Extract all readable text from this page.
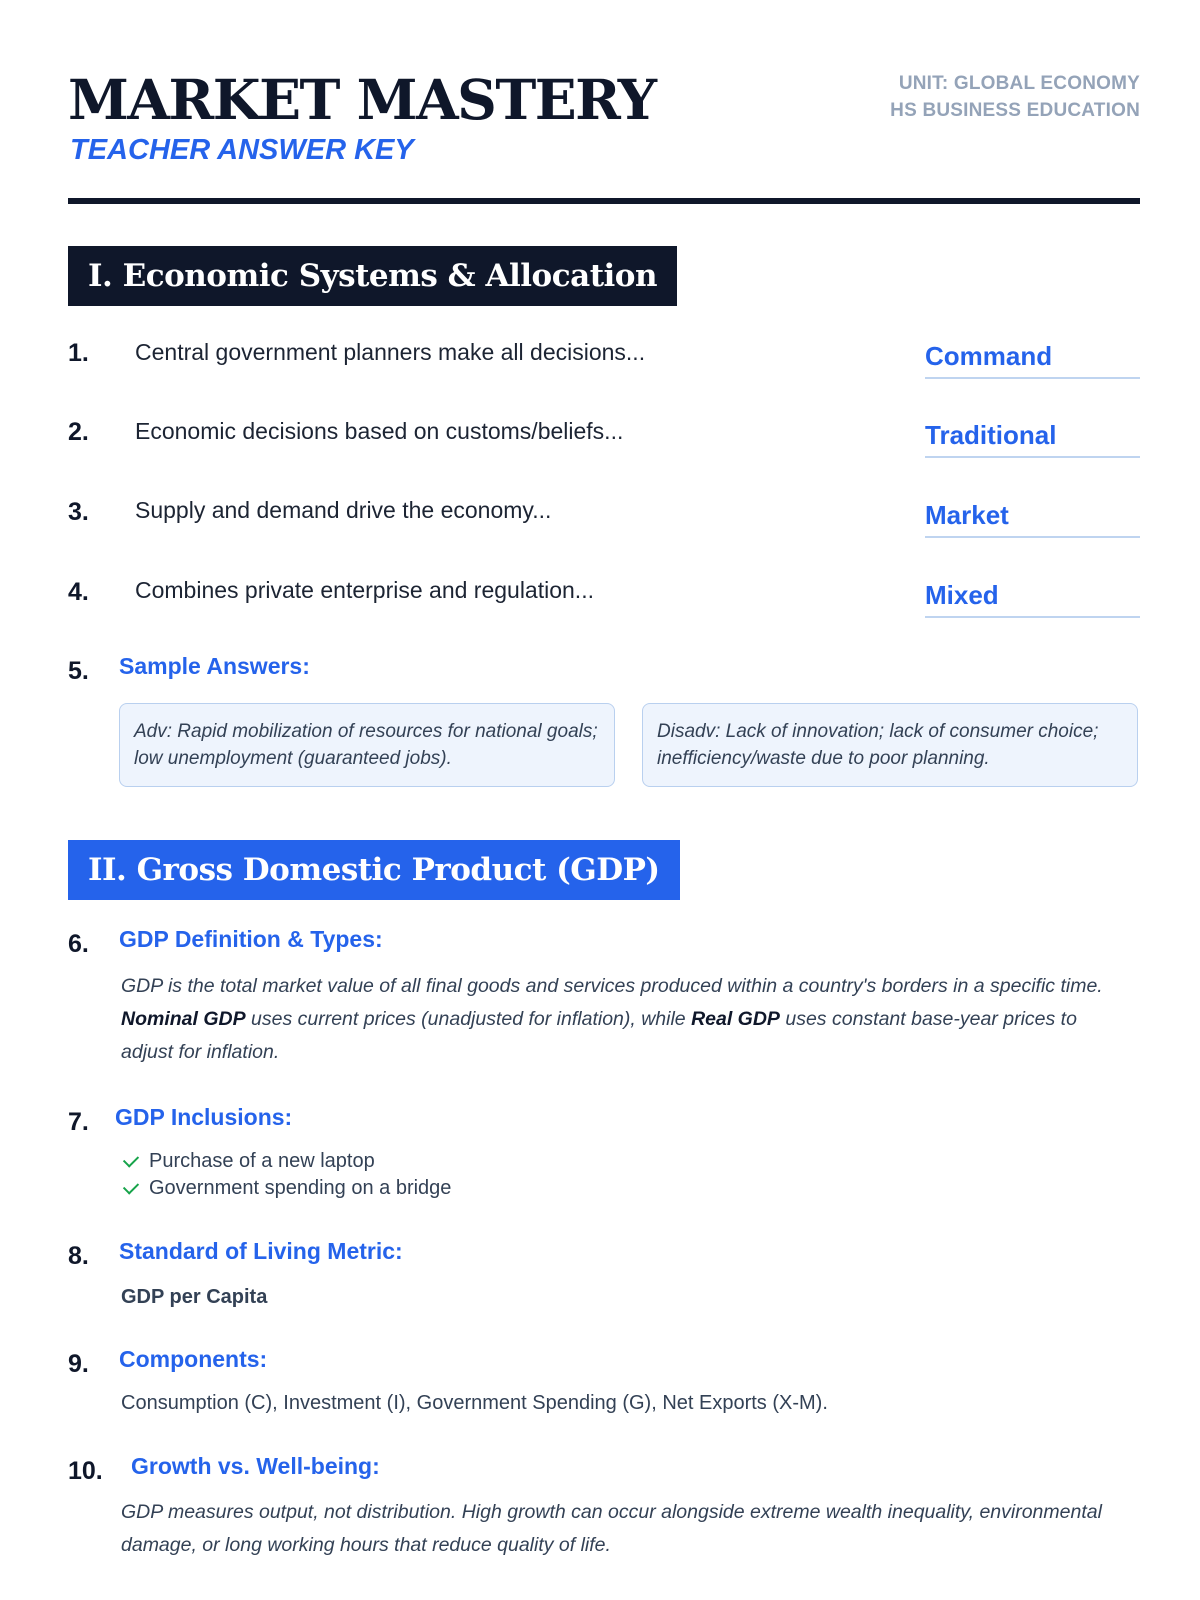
MARKET MASTERY
TEACHER ANSWER KEY
UNIT: GLOBAL ECONOMY
HS BUSINESS EDUCATION
I. Economic Systems & Allocation
1. Central government planners make all decisions...	Command
2. Economic decisions based on customs/beliefs...	Traditional
3. Supply and demand drive the economy...	Market
4. Combines private enterprise and regulation...	Mixed
5. Sample Answers:
Adv: Rapid mobilization of resources for national goals; low unemployment (guaranteed jobs).
Disadv: Lack of innovation; lack of consumer choice; inefficiency/waste due to poor planning.
II. Gross Domestic Product (GDP)
6. GDP Definition & Types:
GDP is the total market value of all final goods and services produced within a country's borders in a specific time. Nominal GDP uses current prices (unadjusted for inflation), while Real GDP uses constant base-year prices to adjust for inflation.
7. GDP Inclusions:
Purchase of a new laptop
Government spending on a bridge
8. Standard of Living Metric:
GDP per Capita
9. Components:
Consumption (C), Investment (I), Government Spending (G), Net Exports (X-M).
10. Growth vs. Well-being:
GDP measures output, not distribution. High growth can occur alongside extreme wealth inequality, environmental damage, or long working hours that reduce quality of life.
